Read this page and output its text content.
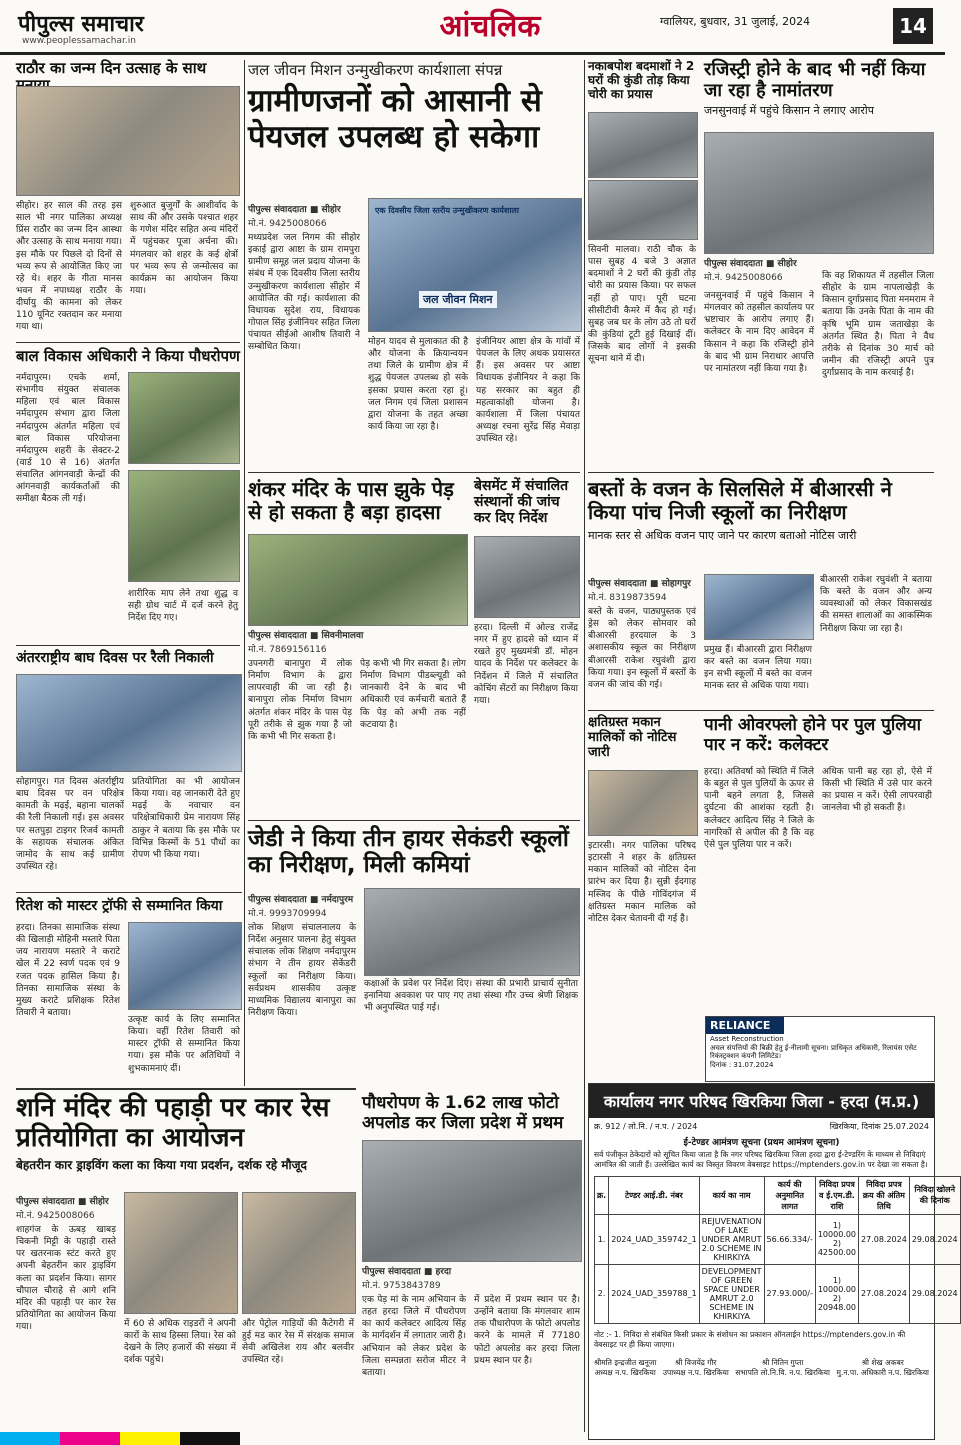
पीपुल्स समाचार
www.peoplessamachar.in	आंचलिक	ग्वालियर, बुधवार, 31 जुलाई, 2024	14
राठौर का जन्म दिन उत्साह के साथ
सीहोर। हर साल की तरह इस साल भी नगर पालिका अध्यक्ष प्रिंस राठौर का जन्म दिन आस्था और उत्साह के साथ मनाया गया। इस मौके पर पिछले दो दिनों से भव्य रूप से आयोजित किए जा रहे थे। शहर के गीता मानस भवन में नपाध्यक्ष राठौर के दीर्घायु की कामना को लेकर 110 यूनिट रक्तदान कर मनाया गया था।
शुरुआत बुजुर्गों के आशीर्वाद के साथ की और उसके पश्चात शहर के गणेश मंदिर सहित अन्य मंदिरों में पहुंचकर पूजा अर्चना की। मंगलवार को शहर के कई क्षेत्रों पर भव्य रूप से जन्मोत्सव का कार्यक्रम का आयोजन किया गया।
बाल विकास अधिकारी ने किया पौधरोपण
नर्मदापुरम। एचके शर्मा, संभागीय संयुक्त संचालक महिला एवं बाल विकास नर्मदापुरम संभाग द्वारा जिला नर्मदापुरम अंतर्गत महिला एवं बाल विकास परियोजना नर्मदापुरम शहरी के सेक्टर-2 (वार्ड 10 से 16) अंतर्गत संचालित आंगनवाड़ी केन्द्रों की आंगनवाड़ी कार्यकर्ताओं की समीक्षा बैठक ली गई।
शारीरिक माप लेने तथा शुद्ध व सही ग्रोथ चार्ट में दर्ज करने हेतु निर्देश दिए गए।
अंतरराष्ट्रीय बाघ दिवस पर रैली निकाली
सोहागपुर। गत दिवस अंतर्राष्ट्रीय बाघ दिवस पर वन परिक्षेत्र कामती के मढ़ई, बहाना चालकों की रैली निकाली गई। इस अवसर पर सतपुड़ा टाइगर रिजर्व कामती के सहायक संचालक अंकित जामोद के साथ कई ग्रामीण उपस्थित रहे।
प्रतियोगिता का भी आयोजन किया गया। वह जानकारी देते हुए मढ़ई के नवाचार वन परिक्षेत्राधिकारी प्रेम नारायण सिंह ठाकुर ने बताया कि इस मौके पर विभिन्न किस्मों के 51 पौधों का रोपण भी किया गया।
रितेश को मास्टर ट्रॉफी से सम्मानित किया
हरदा। तिनका सामाजिक संस्था की खिलाड़ी मोहिनी मस्तारे पिता जय नारायण मस्तारे ने कराटे खेल में 22 स्वर्ण पदक एवं 9 रजत पदक हासिल किया है। तिनका सामाजिक संस्था के मुख्य कराटे प्रशिक्षक रितेश तिवारी ने बताया।
उत्कृष्ट कार्य के लिए सम्मानित किया। वहीं रितेश तिवारी को मास्टर ट्रॉफी से सम्मानित किया गया। इस मौके पर अतिथियों ने शुभकामनाएं दीं।
शनि मंदिर की पहाड़ी पर कार रेस प्रतियोगिता का आयोजन
बेहतरीन कार ड्राइविंग कला का किया गया प्रदर्शन, दर्शक रहे मौजूद
पीपुल्स संवाददाता ■ सीहोर
मो.नं. 9425008066
शाहगंज के ऊबड़ खाबड़ चिकनी मिट्टी के पहाड़ी रास्ते पर खतरनाक स्टंट करते हुए अपनी बेहतरीन कार ड्राइविंग कला का प्रदर्शन किया। सागर चौपाल चौराहे से आगे शनि मंदिर की पहाड़ी पर कार रेस प्रतियोगिता का आयोजन किया गया।	में 60 से अधिक राइडरों ने अपनी कारों के साथ हिस्सा लिया। रेस को देखने के लिए हजारों की संख्या में दर्शक पहुंचे।
और पेट्रोल गाड़ियों की कैटेगरी में हुई मड कार रेस में संरक्षक समाज सेवी अखिलेश राय और बलवीर उपस्थित रहे।
जल जीवन मिशन उन्मुखीकरण कार्यशाला संपन्न
ग्रामीणजनों को आसानी से पेयजल उपलब्ध हो सकेगा
पीपुल्स संवाददाता ■ सीहोर
मो.नं. 9425008066
मध्यप्रदेश जल निगम की सीहोर इकाई द्वारा आष्टा के ग्राम रामपुरा ग्रामीण समूह जल प्रदाय योजना के संबंध में एक दिवसीय जिला स्तरीय उन्मुखीकरण कार्यशाला सीहोर में आयोजित की गई। कार्यशाला की विधायक सुदेश राय, विधायक गोपाल सिंह इंजीनियर सहित जिला पंचायत सीईओ आशीष तिवारी ने सम्बोधित किया।
एक दिवसीय जिला स्तरीय उन्मुखीकरण कार्यशाला
जल जीवन मिशन
मोहन यादव से मुलाकात की है और योजना के क्रियान्वयन तथा जिले के ग्रामीण क्षेत्र में शुद्ध पेयजल उपलब्ध हो सके इसका प्रयास करता रहा हूं। जल निगम एवं जिला प्रशासन द्वारा योजना के तहत अच्छा कार्य किया जा रहा है।
इंजीनियर आष्टा क्षेत्र के गांवों में पेयजल के लिए अथक प्रयासरत हैं। इस अवसर पर आष्टा विधायक इंजीनियर ने कहा कि यह सरकार का बहुत ही महत्वाकांक्षी योजना है। कार्यशाला में जिला पंचायत अध्यक्ष रचना सुरेंद्र सिंह मेवाड़ा उपस्थित रहे।
शंकर मंदिर के पास झुके पेड़ से हो सकता है बड़ा हादसा
पीपुल्स संवाददाता ■ सिवनीमालवा
मो.नं. 7869156116
उपनगरी बानापुरा में लोक निर्माण विभाग के द्वारा लापरवाही की जा रही है। बानापुरा लोक निर्माण विभाग अंतर्गत शंकर मंदिर के पास पेड़ पूरी तरीके से झुक गया है जो कि कभी भी गिर सकता है।
पेड़ कभी भी गिर सकता है। लोग निर्माण विभाग पीडब्ल्यूडी को जानकारी देने के बाद भी अधिकारी एवं कर्मचारी बताते हैं कि पेड़ को अभी तक नहीं कटवाया है।
बेसमेंट में संचालित संस्थानों की जांच कर दिए निर्देश
हरदा। दिल्ली में ओल्ड राजेंद्र नगर में हुए हादसे को ध्यान में रखते हुए मुख्यमंत्री डॉ. मोहन यादव के निर्देश पर कलेक्टर के निर्देशन में जिले में संचालित कोचिंग सेंटरों का निरीक्षण किया गया।
जेडी ने किया तीन हायर सेकंडरी स्कूलों का निरीक्षण, मिली कमियां
पीपुल्स संवाददाता ■ नर्मदापुरम
मो.नं. 9993709994
लोक शिक्षण संचालनालय के निर्देश अनुसार पालना हेतु संयुक्त संचालक लोक शिक्षण नर्मदापुरम संभाग ने तीन हायर सेकेंडरी स्कूलों का निरीक्षण किया। सर्वप्रथम शासकीय उत्कृष्ट माध्यमिक विद्यालय बानापुरा का निरीक्षण किया।
कक्षाओं के प्रवेश पर निर्देश दिए। संस्था की प्रभारी प्राचार्य सुनीता इनानिया अवकाश पर पाए गए तथा संस्था गौर उच्च श्रेणी शिक्षक भी अनुपस्थित पाई गई।
पौधरोपण के 1.62 लाख फोटो अपलोड कर जिला प्रदेश में प्रथम
पीपुल्स संवाददाता ■ हरदा
मो.नं. 9753843789
एक पेड़ मां के नाम अभियान के तहत हरदा जिले में पौधरोपण का कार्य कलेक्टर आदित्य सिंह के मार्गदर्शन में लगातार जारी है। अभियान को लेकर प्रदेश के जिला सम्पन्नता सरोज मीटर ने बताया।
में प्रदेश में प्रथम स्थान पर है। उन्होंने बताया कि मंगलवार शाम तक पौधारोपण के फोटो अपलोड करने के मामले में 77180 फोटो अपलोड कर हरदा जिला प्रथम स्थान पर है।
नकाबपोश बदमाशों ने 2 घरों की कुंडी तोड़ किया चोरी का प्रयास
सिवनी मालवा। राठी चौक के पास सुबह 4 बजे 3 अज्ञात बदमाशों ने 2 घरों की कुंडी तोड़ चोरी का प्रयास किया। पर सफल नहीं हो पाए। पूरी घटना सीसीटीवी कैमरे में कैद हो गई। सुबह जब घर के लोग उठे तो घरों की कुंडियां टूटी हुई दिखाई दीं। जिसके बाद लोगों ने इसकी सूचना थाने में दी।
रजिस्ट्री होने के बाद भी नहीं किया जा रहा है नामांतरण
जनसुनवाई में पहुंचे किसान ने लगाए आरोप
पीपुल्स संवाददाता ■ सीहोर
मो.नं. 9425008066
जनसुनवाई में पहुंचे किसान ने मंगलवार को तहसील कार्यालय पर भ्रष्टाचार के आरोप लगाए हैं। कलेक्टर के नाम दिए आवेदन में किसान ने कहा कि रजिस्ट्री होने के बाद भी ग्राम निराधार आपत्ति पर नामांतरण नहीं किया गया है।
कि वह शिकायत में तहसील जिला सीहोर के ग्राम नापलाखेड़ी के किसान दुर्गाप्रसाद पिता मनमराम ने बताया कि उनके पिता के नाम की कृषि भूमि ग्राम जताखेड़ा के अंतर्गत स्थित है। पिता ने वैध तरीके से दिनांक 30 मार्च को जमीन की रजिस्ट्री अपने पुत्र दुर्गाप्रसाद के नाम करवाई है।
बस्तों के वजन के सिलसिले में बीआरसी ने किया पांच निजी स्कूलों का निरीक्षण
मानक स्तर से अधिक वजन पाए जाने पर कारण बताओ नोटिस जारी
पीपुल्स संवाददाता ■ सोहागपुर
मो.नं. 8319873594
बस्ते के वजन, पाठ्यपुस्तक एवं ड्रेस को लेकर सोमवार को बीआरसी हरदयाल के 3 अशासकीय स्कूल का निरीक्षण बीआरसी राकेश रघुवंशी द्वारा किया गया। इन स्कूलों में बस्तों के वजन की जांच की गई।
प्रमुख हैं। बीआरसी द्वारा निरीक्षण कर बस्ते का वजन लिया गया। इन सभी स्कूलों में बस्ते का वजन मानक स्तर से अधिक पाया गया।
बीआरसी राकेश रघुवंशी ने बताया कि बस्ते के वजन और अन्य व्यवस्थाओं को लेकर विकासखंड की समस्त शालाओं का आकस्मिक निरीक्षण किया जा रहा है।
क्षतिग्रस्त मकान मालिकों को नोटिस जारी
इटारसी। नगर पालिका परिषद इटारसी ने शहर के क्षतिग्रस्त मकान मालिकों को नोटिस देना प्रारंभ कर दिया है। सुन्नी ईदगाह मस्जिद के पीछे गोविंदगंज में क्षतिग्रस्त मकान मालिक को नोटिस देकर चेतावनी दी गई है।
पानी ओवरफ्लो होने पर पुल पुलिया पार न करें: कलेक्टर
हरदा। अतिवर्षा को स्थिति में जिले के बहुत से पुल पुलियों के ऊपर से पानी बहने लगता है, जिससे दुर्घटना की आशंका रहती है। कलेक्टर आदित्य सिंह ने जिले के नागरिकों से अपील की है कि वह ऐसे पुल पुलिया पार न करें।
अधिक पानी बह रहा हो, ऐसे में किसी भी स्थिति में उसे पार करने का प्रयास न करें। ऐसी लापरवाही जानलेवा भी हो सकती है।
RELIANCE
Asset Reconstruction
अचल संपत्तियों की बिक्री हेतु ई-नीलामी सूचना। प्राधिकृत अधिकारी, रिलायंस एसेट रिकंस्ट्रक्शन कंपनी लिमिटेड।
दिनांक : 31.07.2024
कार्यालय नगर परिषद खिरकिया जिला - हरदा (म.प्र.)
क्र. 912 / लो.नि. / न.प. / 2024	खिरकिया, दिनांक 25.07.2024
ई-टेण्डर आमंत्रण सूचना (प्रथम आमंत्रण सूचना)
सर्व पंजीकृत ठेकेदारों को सूचित किया जाता है कि नगर परिषद खिरकिया जिला हरदा द्वारा ई-टेण्डरिंग के माध्यम से निविदाएं आमंत्रित की जाती हैं। उल्लेखित कार्य का विस्तृत विवरण वेबसाइट https://mptenders.gov.in पर देखा जा सकता है।
क्र.	टेण्डर आई.डी. नंबर	कार्य का नाम	कार्य की अनुमानित लागत	निविदा प्रपत्र व ई.एम.डी. राशि	निविदा प्रपत्र क्रय की अंतिम तिथि	निविदा खोलने की दिनांक
1.	2024_UAD_359742_1	REJUVENATION OF LAKE UNDER AMRUT 2.0 SCHEME IN KHIRKIYA	56.66.334/-	1) 10000.00 2) 42500.00	27.08.2024	29.08.2024
2.	2024_UAD_359788_1	DEVELOPMENT OF GREEN SPACE UNDER AMRUT 2.0 SCHEME IN KHIRKIYA	27.93.000/-	1) 10000.00 2) 20948.00	27.08.2024	29.08.2024
नोट :- 1. निविदा से संबंधित किसी प्रकार के संशोधन का प्रकाशन ऑनलाईन https://mptenders.gov.in की वेबसाइट पर ही किया जाएगा।
श्रीमति इन्द्रजीत खनूजा
अध्यक्ष न.प. खिरकिया
श्री विजयेंद्र गौर
उपाध्यक्ष न.प. खिरकिया
श्री नितिन गुप्ता
सभापति लो.नि.वि. न.प. खिरकिया
श्री शेख अकबर
मु.न.पा. अधिकारी न.प. खिरकिया
